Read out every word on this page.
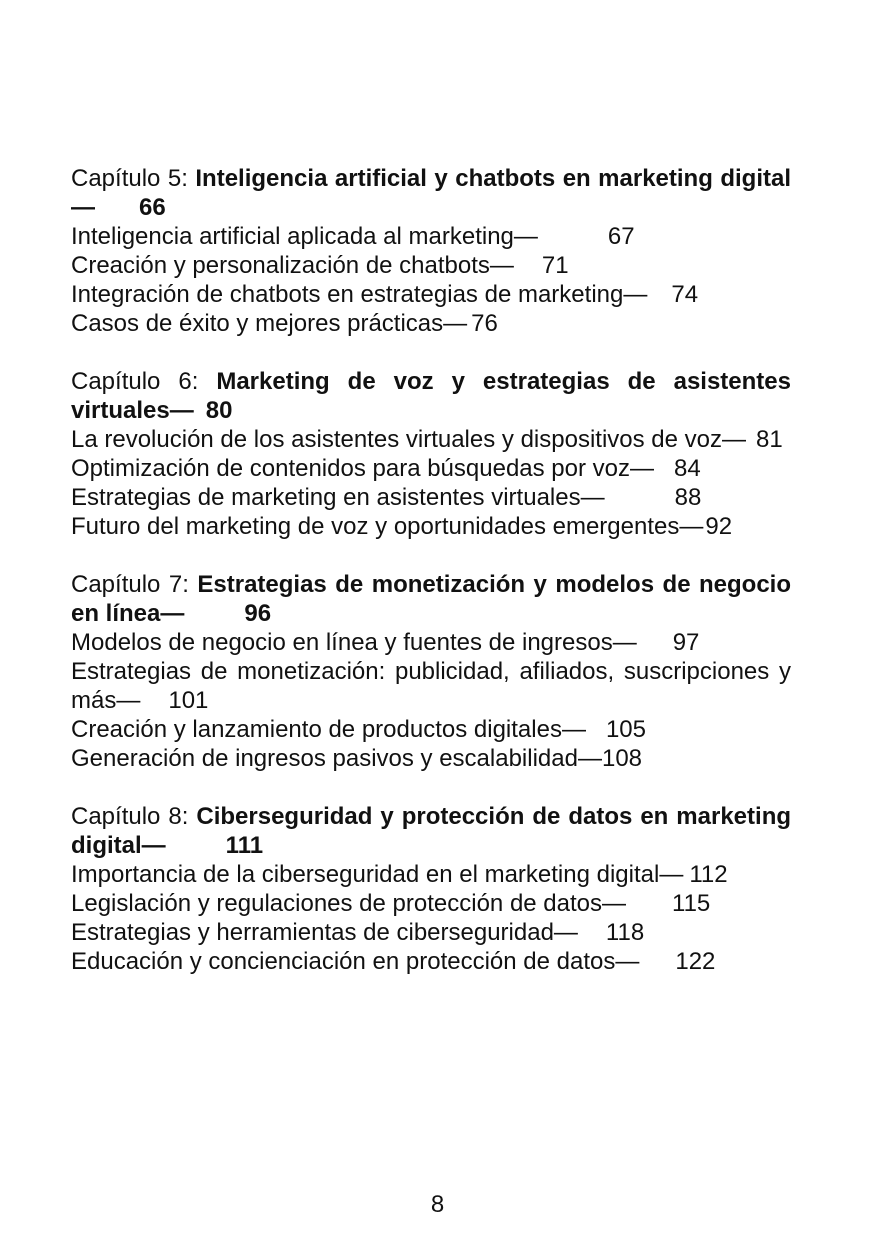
Capítulo 5: Inteligencia artificial y chatbots en marketing digital— 66
Inteligencia artificial aplicada al marketing—	67
Creación y personalización de chatbots— 71
Integración de chatbots en estrategias de marketing— 74
Casos de éxito y mejores prácticas— 76
Capítulo 6: Marketing de voz y estrategias de asistentes virtuales— 80
La revolución de los asistentes virtuales y dispositivos de voz— 81
Optimización de contenidos para búsquedas por voz— 84
Estrategias de marketing en asistentes virtuales—	88
Futuro del marketing de voz y oportunidades emergentes—92
Capítulo 7: Estrategias de monetización y modelos de negocio en línea—	96
Modelos de negocio en línea y fuentes de ingresos— 97
Estrategias de monetización: publicidad, afiliados, suscripciones y más— 101
Creación y lanzamiento de productos digitales— 105
Generación de ingresos pasivos y escalabilidad—108
Capítulo 8: Ciberseguridad y protección de datos en marketing digital—	111
Importancia de la ciberseguridad en el marketing digital— 112
Legislación y regulaciones de protección de datos— 115
Estrategias y herramientas de ciberseguridad— 118
Educación y concienciación en protección de datos— 122
8
